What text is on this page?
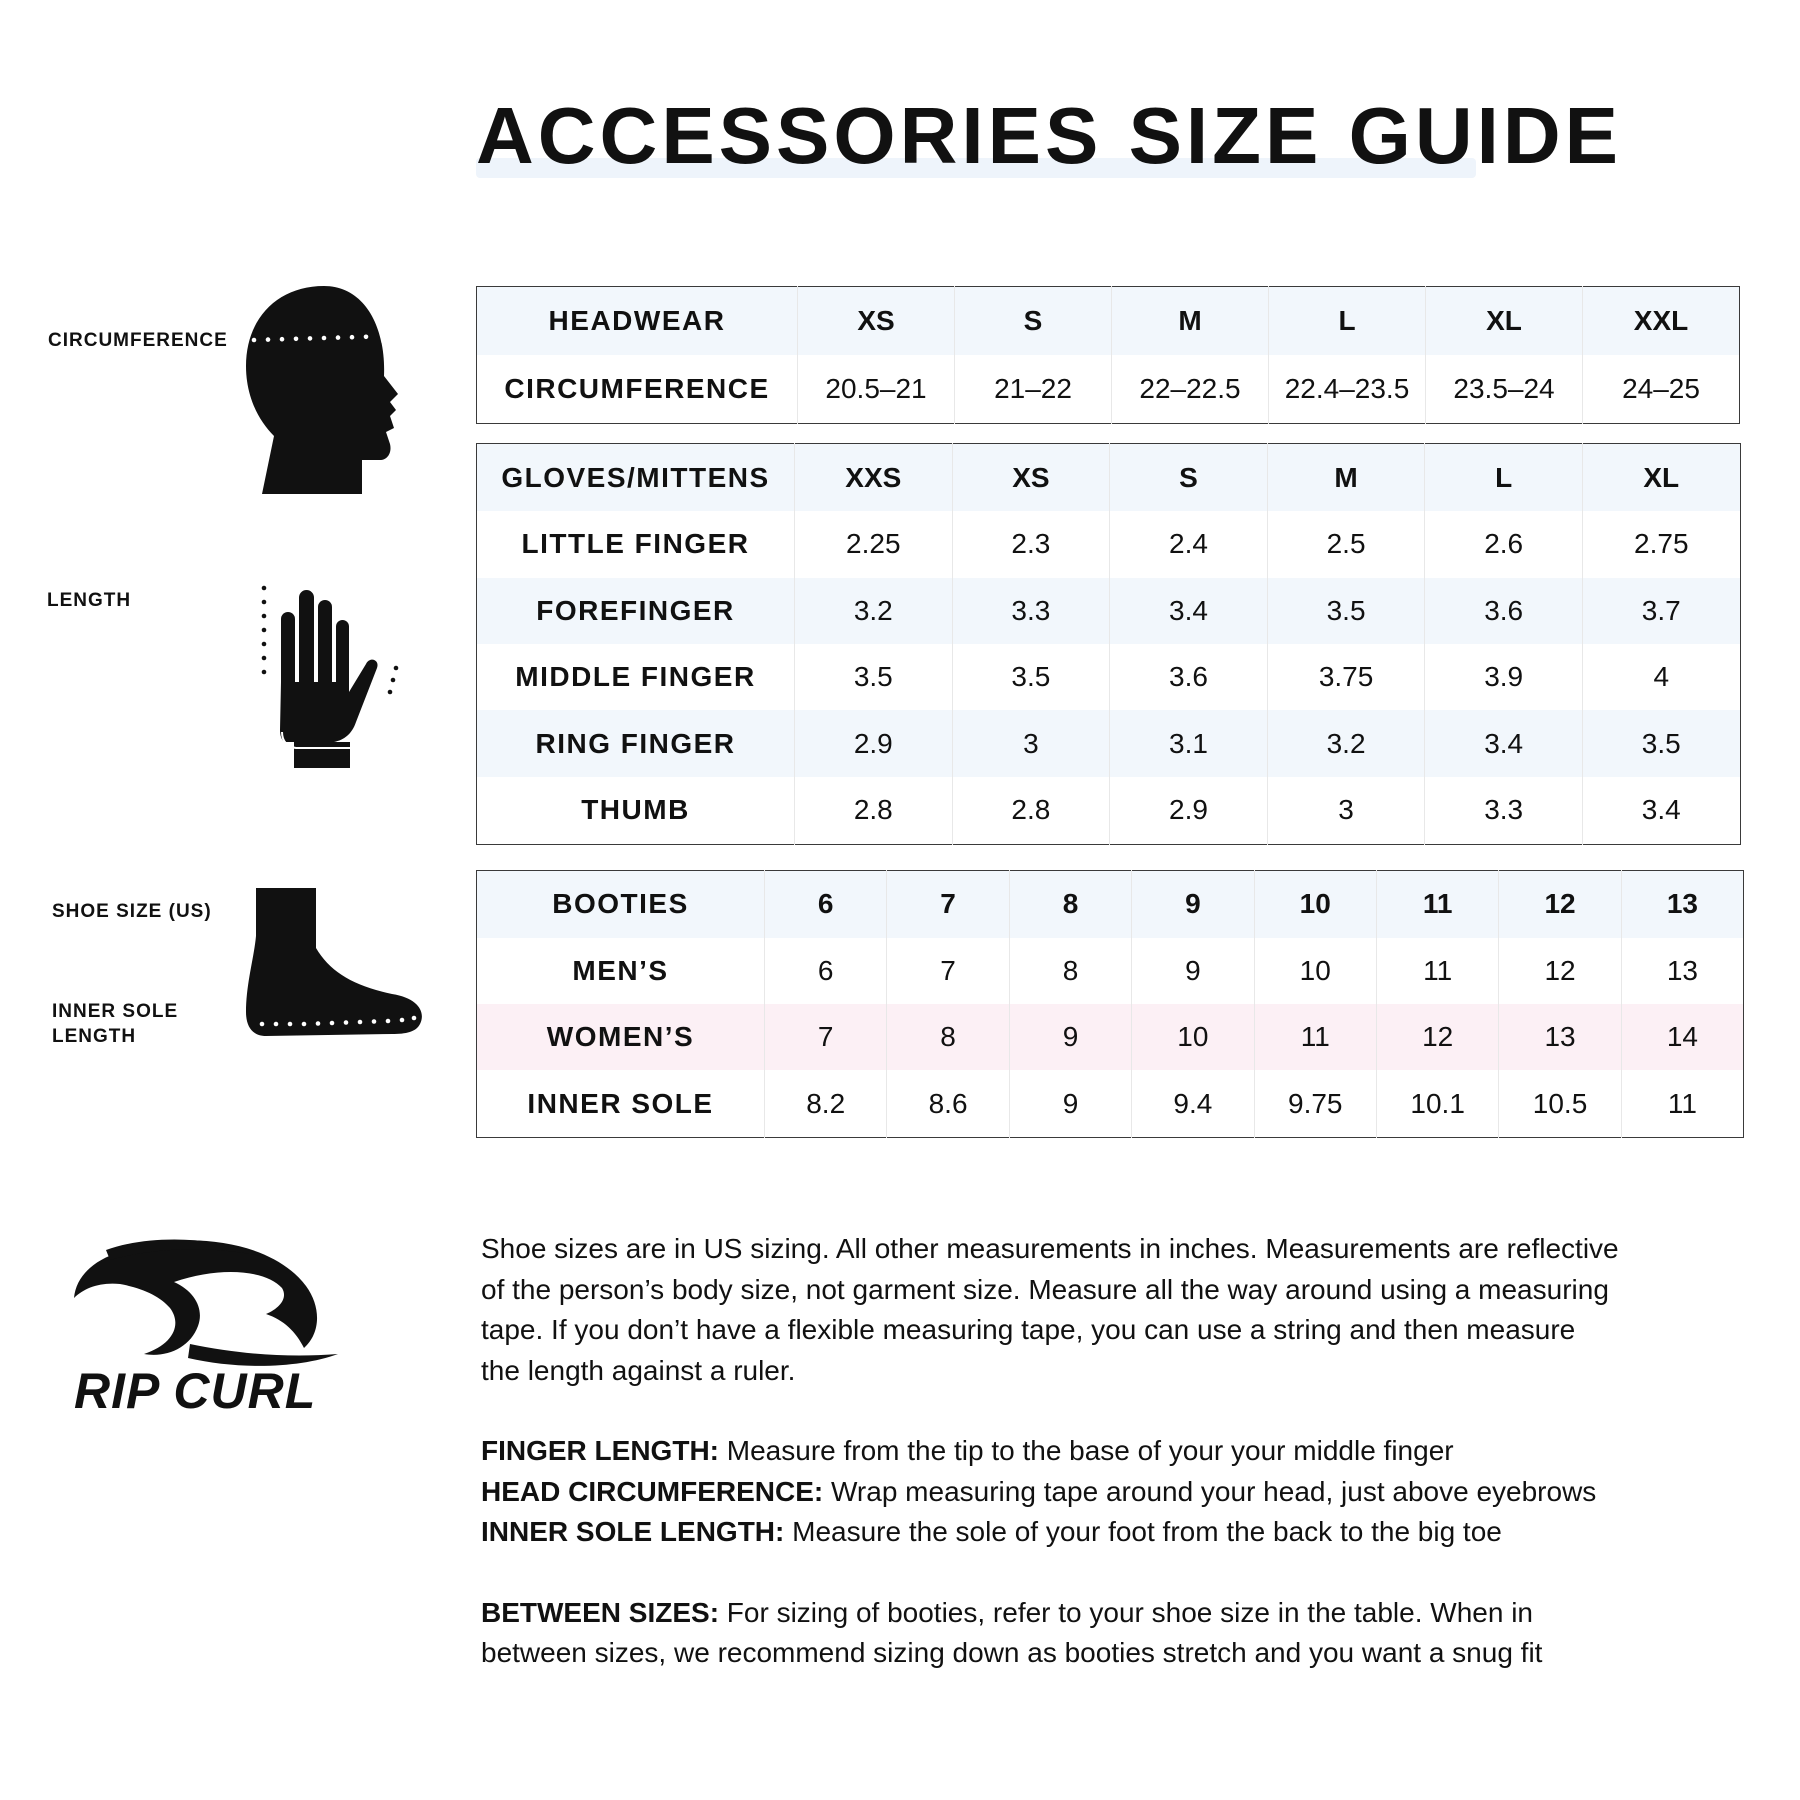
ACCESSORIES SIZE GUIDE
CIRCUMFERENCE
LENGTH
SHOE SIZE (US)
INNER SOLE
LENGTH
HEADWEAR	XS	S	M	L	XL	XXL
CIRCUMFERENCE	20.5–21	21–22	22–22.5	22.4–23.5	23.5–24	24–25
GLOVES/MITTENS	XXS	XS	S	M	L	XL
LITTLE FINGER	2.25	2.3	2.4	2.5	2.6	2.75
FOREFINGER	3.2	3.3	3.4	3.5	3.6	3.7
MIDDLE FINGER	3.5	3.5	3.6	3.75	3.9	4
RING FINGER	2.9	3	3.1	3.2	3.4	3.5
THUMB	2.8	2.8	2.9	3	3.3	3.4
BOOTIES	6	7	8	9	10	11	12	13
MEN’S	6	7	8	9	10	11	12	13
WOMEN’S	7	8	9	10	11	12	13	14
INNER SOLE	8.2	8.6	9	9.4	9.75	10.1	10.5	11
RIP CURL

Shoe sizes are in US sizing. All other measurements in inches. Measurements are reflective

of the person’s body size, not garment size. Measure all the way around using a measuring

tape. If you don’t have a flexible measuring tape, you can use a string and then measure

the length against a ruler.

FINGER LENGTH: Measure from the tip to the base of your your middle finger

HEAD CIRCUMFERENCE: Wrap measuring tape around your head, just above eyebrows

INNER SOLE LENGTH: Measure the sole of your foot from the back to the big toe

BETWEEN SIZES: For sizing of booties, refer to your shoe size in the table. When in

between sizes, we recommend sizing down as booties stretch and you want a snug fit
